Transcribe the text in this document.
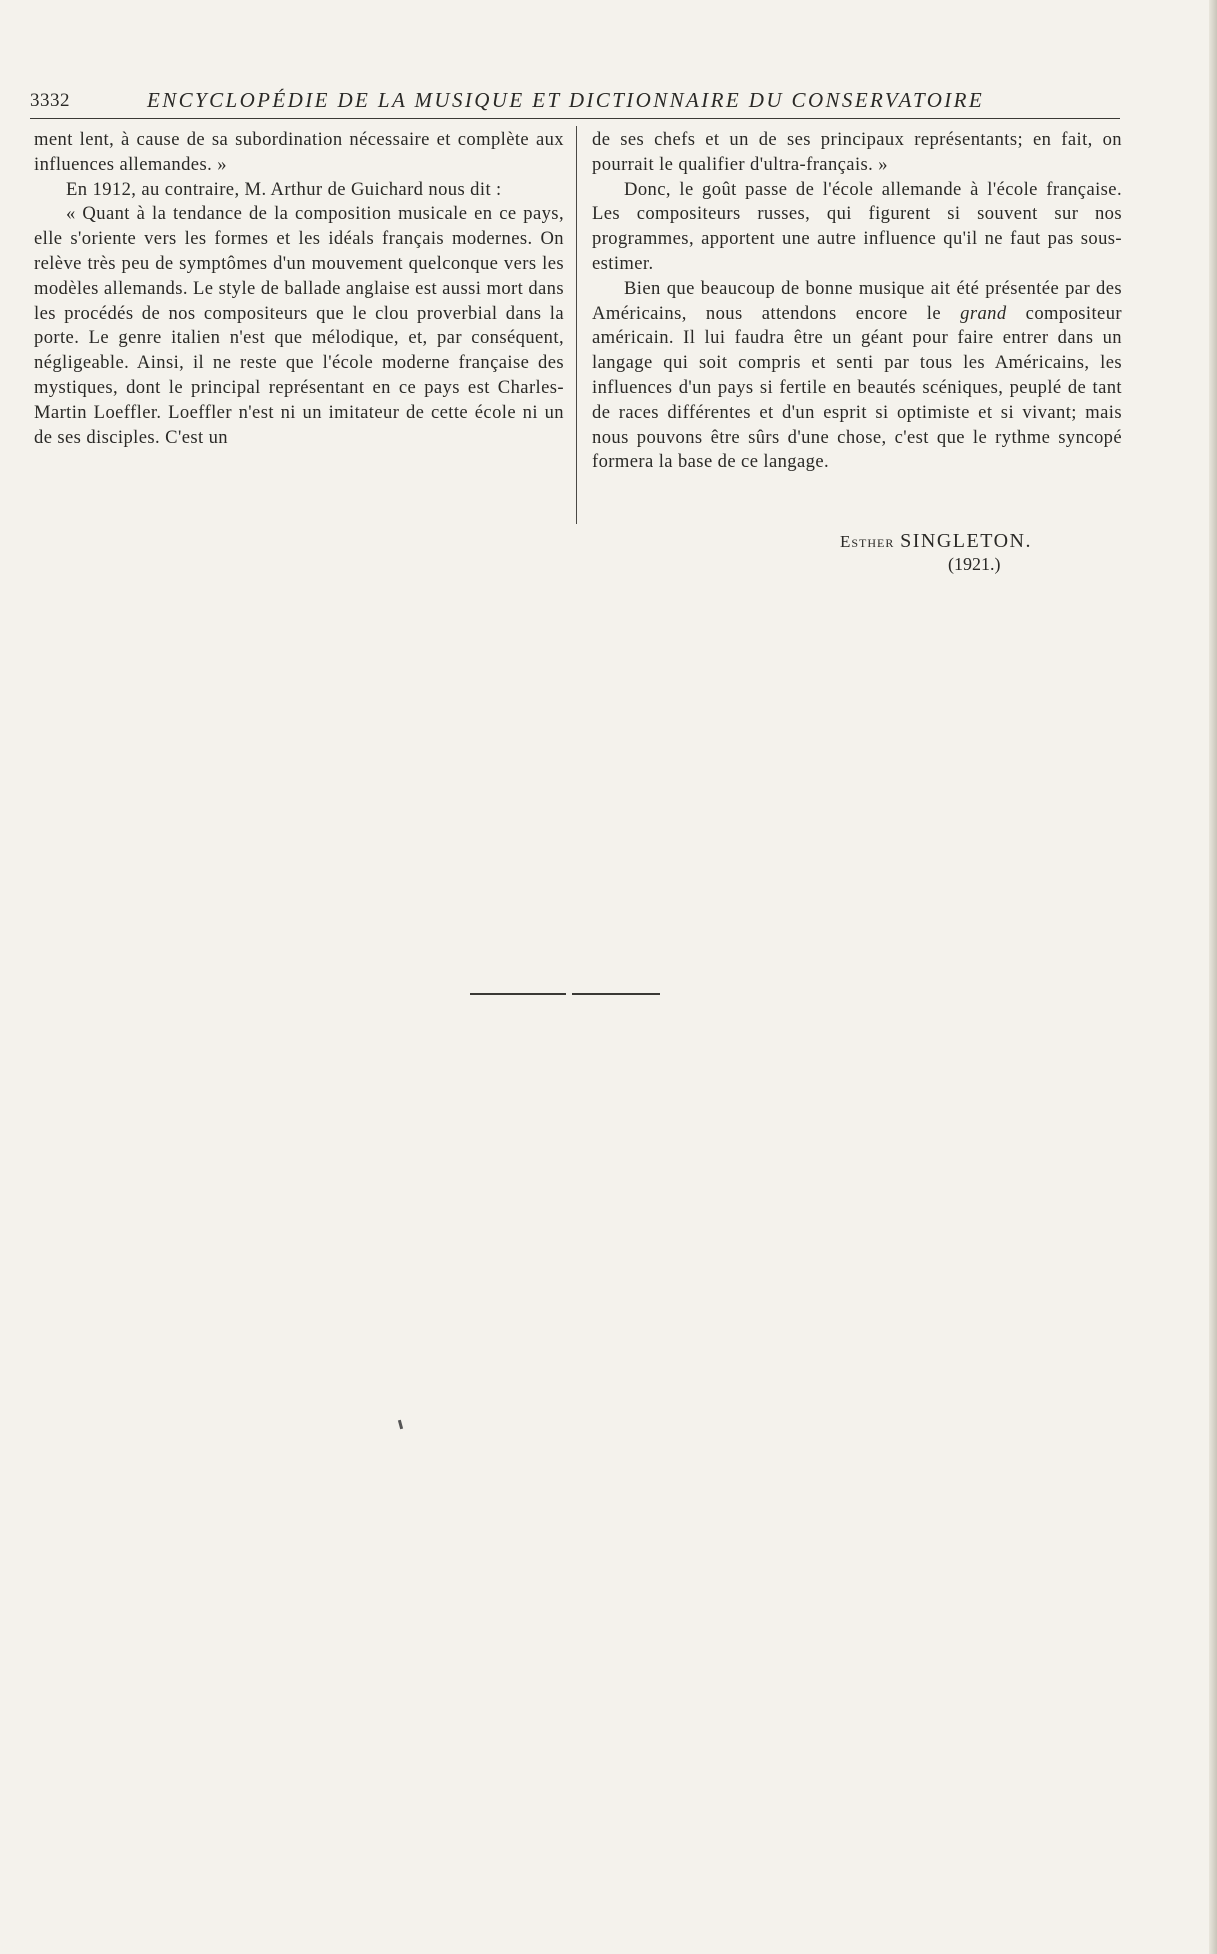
3332	ENCYCLOPÉDIE DE LA MUSIQUE ET DICTIONNAIRE DU CONSERVATOIRE

ment lent, à cause de sa subordination nécessaire et complète aux influences allemandes. »

En 1912, au contraire, M. Arthur de Guichard nous dit :

« Quant à la tendance de la composition musicale en ce pays, elle s'oriente vers les formes et les idéals français modernes. On relève très peu de symptômes d'un mouvement quelconque vers les modèles allemands. Le style de ballade anglaise est aussi mort dans les procédés de nos compositeurs que le clou proverbial dans la porte. Le genre italien n'est que mélodique, et, par conséquent, négligeable. Ainsi, il ne reste que l'école moderne française des mystiques, dont le principal représentant en ce pays est Charles-Martin Loeffler. Loeffler n'est ni un imitateur de cette école ni un de ses disciples. C'est un

de ses chefs et un de ses principaux représentants; en fait, on pourrait le qualifier d'ultra-français. »

Donc, le goût passe de l'école allemande à l'école française. Les compositeurs russes, qui figurent si souvent sur nos programmes, apportent une autre influence qu'il ne faut pas sous-estimer.

Bien que beaucoup de bonne musique ait été présentée par des Américains, nous attendons encore le grand compositeur américain. Il lui faudra être un géant pour faire entrer dans un langage qui soit compris et senti par tous les Américains, les influences d'un pays si fertile en beautés scéniques, peuplé de tant de races différentes et d'un esprit si optimiste et si vivant; mais nous pouvons être sûrs d'une chose, c'est que le rythme syncopé formera la base de ce langage.

Esther SINGLETON.
(1921.)
